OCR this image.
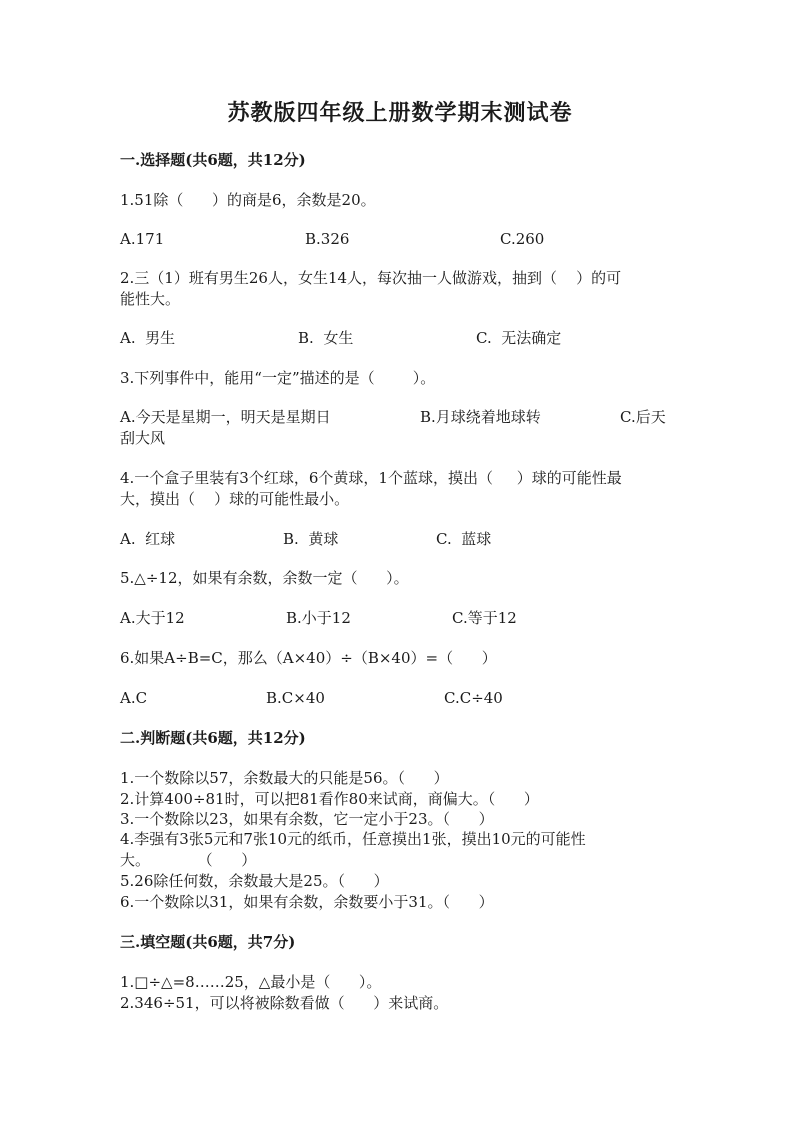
苏教版四年级上册数学期末测试卷
一.选择题(共6题，共12分)
1.51除（      ）的商是6，余数是20。
A.171	B.326	C.260
2.三（1）班有男生26人，女生14人，每次抽一人做游戏，抽到（    ）的可
能性大。
A.  男生	B.  女生	C.  无法确定
3.下列事件中，能用“一定”描述的是（        ）。
A.今天是星期一，明天是星期日	B.月球绕着地球转	C.后天
刮大风
4.一个盒子里装有3个红球，6个黄球，1个蓝球，摸出（     ）球的可能性最
大，摸出（    ）球的可能性最小。
A.  红球	B.  黄球	C.  蓝球
5.△÷12，如果有余数，余数一定（      ）。
A.大于12	B.小于12	C.等于12
6.如果A÷B=C，那么（A×40）÷（B×40）=（      ）
A.C	B.C×40	C.C÷40
二.判断题(共6题，共12分)
1.一个数除以57，余数最大的只能是56。（      ）
2.计算400÷81时，可以把81看作80来试商，商偏大。（      ）
3.一个数除以23，如果有余数，它一定小于23。（      ）
4.李强有3张5元和7张10元的纸币，任意摸出1张，摸出10元的可能性
大。          （      ）
5.26除任何数，余数最大是25。（      ）
6.一个数除以31，如果有余数，余数要小于31。（      ）
三.填空题(共6题，共7分)
1.□÷△=8……25，△最小是（      ）。
2.346÷51，可以将被除数看做（      ）来试商。
